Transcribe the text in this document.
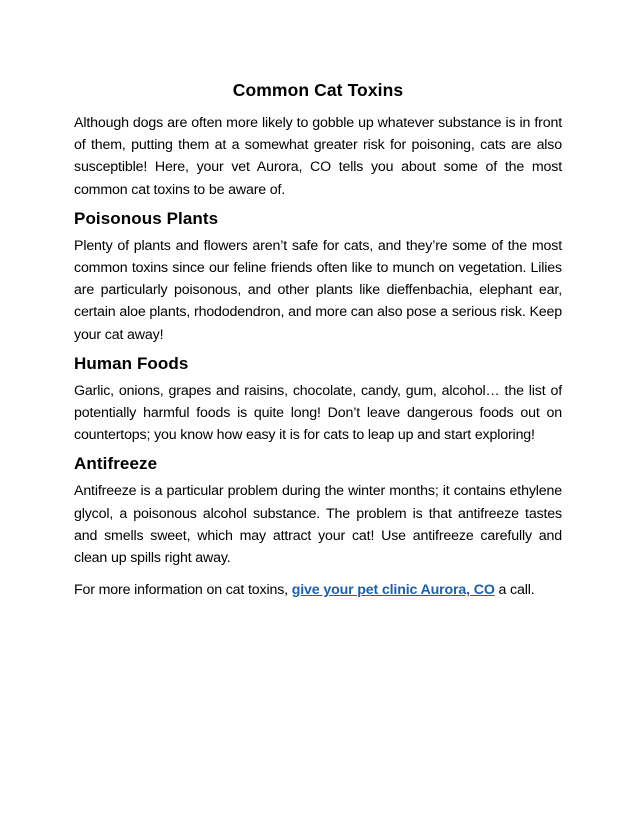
Common Cat Toxins

Although dogs are often more likely to gobble up whatever substance is in front of them, putting them at a somewhat greater risk for poisoning, cats are also susceptible! Here, your vet Aurora, CO tells you about some of the most common cat toxins to be aware of.

Poisonous Plants

Plenty of plants and flowers aren’t safe for cats, and they’re some of the most common toxins since our feline friends often like to munch on vegetation. Lilies are particularly poisonous, and other plants like dieffenbachia, elephant ear, certain aloe plants, rhododendron, and more can also pose a serious risk. Keep your cat away!

Human Foods

Garlic, onions, grapes and raisins, chocolate, candy, gum, alcohol… the list of potentially harmful foods is quite long! Don’t leave dangerous foods out on countertops; you know how easy it is for cats to leap up and start exploring!

Antifreeze

Antifreeze is a particular problem during the winter months; it contains ethylene glycol, a poisonous alcohol substance. The problem is that antifreeze tastes and smells sweet, which may attract your cat! Use antifreeze carefully and clean up spills right away.

For more information on cat toxins, give your pet clinic Aurora, CO a call.
